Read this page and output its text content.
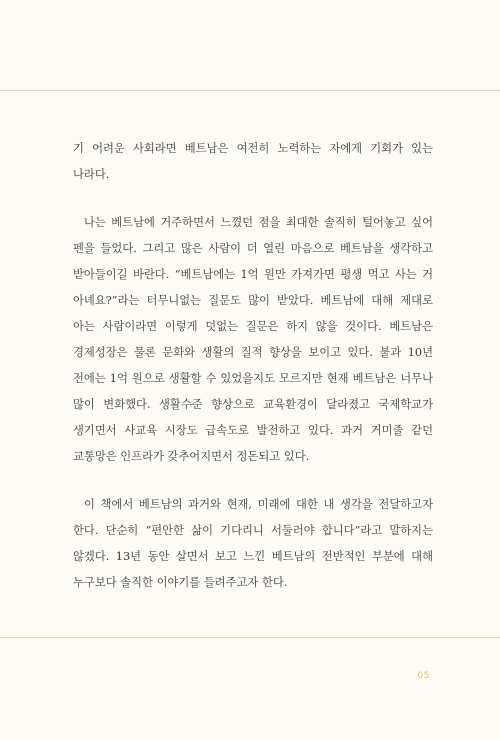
기 어려운 사회라면 베트남은 여전히 노력하는 자에게 기회가 있는 나라다.

나는 베트남에 거주하면서 느꼈던 점을 최대한 솔직히 털어놓고 싶어 펜을 들었다. 그리고 많은 사람이 더 열린 마음으로 베트남을 생각하고 받아들이길 바란다. “베트남에는 1억 원만 가져가면 평생 먹고 사는 거 아녜요?”라는 터무니없는 질문도 많이 받았다. 베트남에 대해 제대로 아는 사람이라면 이렇게 덧없는 질문은 하지 않을 것이다. 베트남은 경제성장은 물론 문화와 생활의 질적 향상을 보이고 있다. 불과 10년 전에는 1억 원으로 생활할 수 있었을지도 모르지만 현재 베트남은 너무나 많이 변화했다. 생활수준 향상으로 교육환경이 달라졌고 국제학교가 생기면서 사교육 시장도 급속도로 발전하고 있다. 과거 거미줄 같던 교통망은 인프라가 갖추어지면서 정돈되고 있다.

이 책에서 베트남의 과거와 현재, 미래에 대한 내 생각을 전달하고자 한다. 단순히 “편안한 삶이 기다리니 서둘러야 합니다”라고 말하지는 않겠다. 13년 동안 살면서 보고 느낀 베트남의 전반적인 부분에 대해 누구보다 솔직한 이야기를 들려주고자 한다.

05
